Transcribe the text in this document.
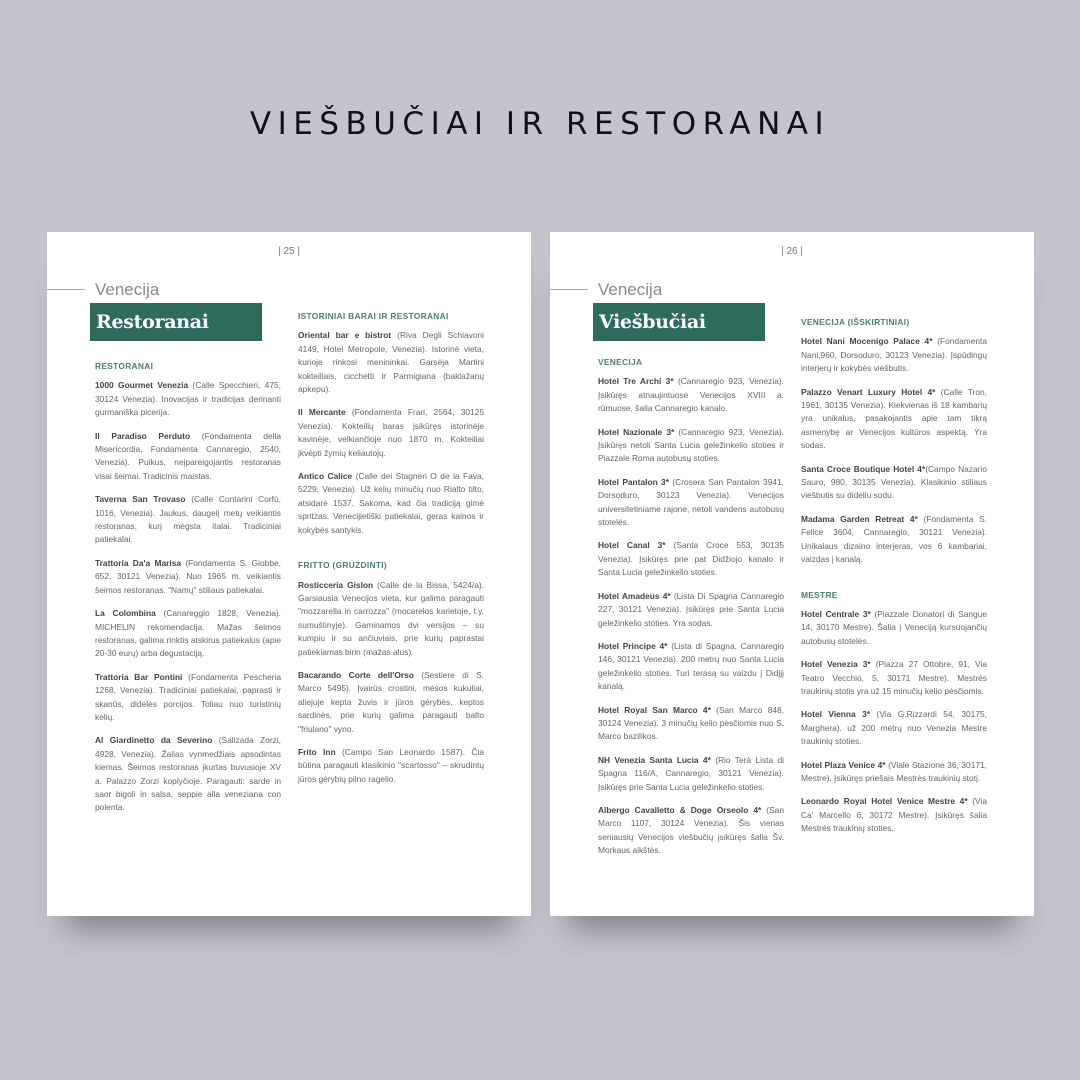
VIEŠBUČIAI IR RESTORANAI
| 25 |
Venecija
Restoranai
RESTORANAI
1000 Gourmet Venezia (Calle Specchieri, 475, 30124 Venezia). Inovacijas ir tradicijas derinanti gurmaniška picerija.
Il Paradiso Perduto (Fondamenta della Misericordia, Fondamenta Cannaregio, 2540, Venezia). Puikus, neįpareigojantis restoranas visai šeimai. Tradicinis maistas.
Taverna San Trovaso (Calle Contarini Corfù, 1016, Venezia). Jaukus, daugelį metų veikiantis restoranas, kurį mėgsta italai. Tradiciniai patiekalai.
Trattoria Da'a Marisa (Fondamenta S. Giobbe, 652, 30121 Venezia). Nuo 1965 m. veikiantis šeimos restoranas. "Namų" stiliaus patiekalai.
La Colombina (Canareggio 1828, Venezia). MICHELIN rekomendacija. Mažas šeimos restoranas, galima rinktis atskirus patiekalus (apie 20-30 eurų) arba degustaciją.
Trattoria Bar Pontini (Fondamenta Pescheria 1268, Venezia). Tradiciniai patiekalai, paprasti ir skanūs, didelės porcijos. Toliau nuo turistinių kelių.
Al Giardinetto da Severino (Salizada Zorzi, 4928, Venezia). Žalias vynmedžiais apsodintas kiemas. Šeimos restoranas įkurtas buvusioje XV a. Palazzo Zorzi koplyčioje. Paragauti: sarde in saor bigoli in salsa, seppie alla veneziana con polenta.
ISTORINIAI BARAI IR RESTORANAI
Oriental bar e bistrot (Riva Degli Schiavoni 4149, Hotel Metropole, Venezia). Istorinė vieta, kurioje rinkosi menininkai. Garsėja Martini kokteiliais, cicchetti ir Parmigiana (baklažanų apkepu).
Il Mercante (Fondamenta Frari, 2564, 30125 Venezia). Kokteilių baras įsikūręs istorinėje kavinėje, veikiančioje nuo 1870 m. Kokteiliai įkvėpti žymių keliautojų.
Antico Calice (Calle dei Stagneri O de la Fava, 5229, Venezia). Už kelių minučių nuo Rialto tilto, atsidarė 1537. Sakoma, kad čia tradiciją gimė spritzas. Venecijietiški patiekalai, geras kainos ir kokybės santykis.
FRITTO (GRUZDINTI)
Rosticceria Gislon (Calle de la Bissa, 5424/a). Garsiausia Venecijos vieta, kur galima paragauti "mozzarella in carrozza" (mocarelos karietoje, t.y. sumuštinyje). Gaminamos dvi versijos – su kumpiu ir su ančiuviais, prie kurių paprastai patiekiamas birin (mažas alus).
Bacarando Corte dell'Orso (Sestiere di S. Marco 5495). Įvairūs crostini, mėsos kukuliai, aliejuje kepta žuvis ir jūros gėrybės, keptos sardinės, prie kurių galima paragauti balto "friulano" vyno.
Frito Inn (Campo San Leonardo 1587). Čia būtina paragauti klasikinio "scartosso" – skrudintų jūros gėrybių pilno ragelio.
| 26 |
Venecija
Viešbučiai
VENECIJA
Hotel Tre Archi 3* (Cannaregio 923, Venezia). Įsikūręs atnaujintuose Venecijos XVIII a. rūmuose, šalia Cannaregio kanalo.
Hotel Nazionale 3* (Cannaregio 923, Venezia). Įsikūręs netoli Santa Lucia geležinkelio stoties ir Piazzale Roma autobusų stoties.
Hotel Pantalon 3* (Crosera San Pantalon 3941, Dorsoduro, 30123 Venezia). Venecijos universitetiniame rajone, netoli vandens autobusų stotelės.
Hotel Canal 3* (Santa Croce 553, 30135 Venezia). Įsikūręs prie pat Didžiojo kanalo ir Santa Lucia geležinkelio stoties.
Hotel Amadeus 4* (Lista Di Spagna Cannaregio 227, 30121 Venezia). Įsikūręs prie Santa Lucia geležinkelio stoties. Yra sodas.
Hotel Principe 4* (Lista di Spagna, Cannaregio 146, 30121 Venezia). 200 metrų nuo Santa Lucia geležinkelio stoties. Turi terasą su vaizdu į Didįjį kanalą.
Hotel Royal San Marco 4* (San Marco 848, 30124 Venezia). 3 minučių kelio pėsčiomis nuo S. Marco bazilikos.
NH Venezia Santa Lucia 4* (Rio Terà Lista di Spagna 116/A, Cannaregio, 30121 Venezia). Įsikūręs prie Santa Lucia geležinkelio stoties.
Albergo Cavalletto & Doge Orseolo 4* (San Marco 1107, 30124 Venezia). Šis vienas seniausių Venecijos viešbučių įsikūręs šalia Šv. Morkaus aikštės.
VENECIJA (IŠSKIRTINIAI)
Hotel Nani Mocenigo Palace 4* (Fondamenta Nani,960, Dorsoduro, 30123 Venezia). Įspūdingų interjerų ir kokybės viešbutis.
Palazzo Venart Luxury Hotel 4* (Calle Tron, 1961, 30135 Venezia). Kiekvienas iš 18 kambarių yra unikalus, pasakojantis apie tam tikrą asmenybę ar Venecijos kultūros aspektą. Yra sodas.
Santa Croce Boutique Hotel 4*(Campo Nazario Sauro, 980, 30135 Venezia). Klasikinio stiliaus viešbutis su dideliu sodu.
Madama Garden Retreat 4* (Fondamenta S. Felice 3604, Cannaregio, 30121 Venezia). Unikalaus dizaino interjeras, vos 6 kambariai, vaizdas į kanalą.
MESTRE
Hotel Centrale 3* (Piazzale Donatori di Sangue 14, 30170 Mestre). Šalia į Veneciją kursuojančių autobusų stotelės.
Hotel Venezia 3* (Piazza 27 Ottobre, 91, Via Teatro Vecchio, 5, 30171 Mestre). Mestrės traukinių stotis yra už 15 minučių kelio pėsčiomis.
Hotel Vienna 3* (Via G.Rizzardi 54, 30175, Marghera). už 200 metrų nuo Venezia Mestre traukinių stoties.
Hotel Plaza Venice 4* (Viale Stazione 36, 30171, Mestre). Įsikūręs priešais Mestrės traukinių stotį.
Leonardo Royal Hotel Venice Mestre 4* (Via Ca' Marcello 6, 30172 Mestre). Įsikūręs šalia Mestrės traukinių stoties.
